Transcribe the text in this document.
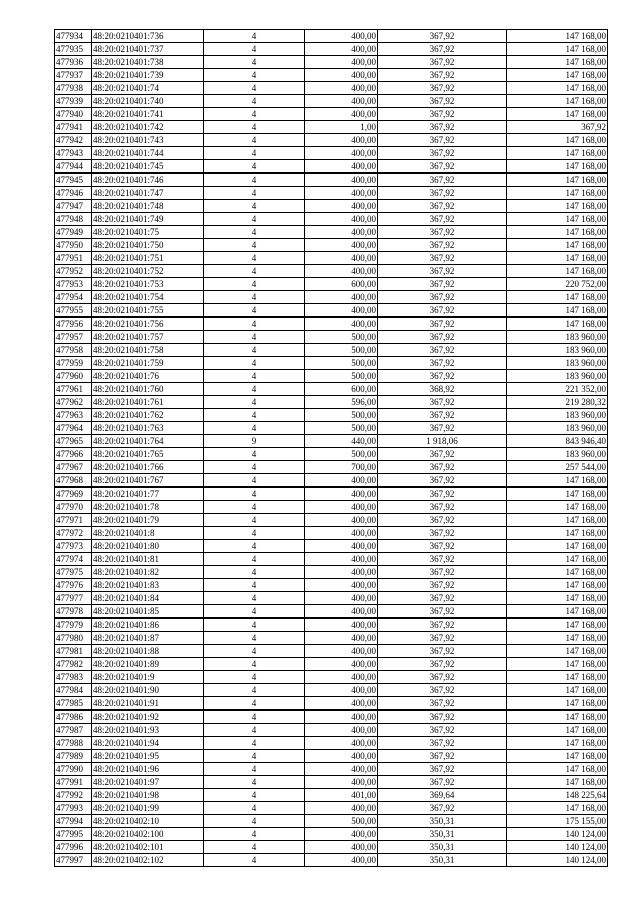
477934	48:20:0210401:736	4	400,00	367,92	147 168,00
477935	48:20:0210401:737	4	400,00	367,92	147 168,00
477936	48:20:0210401:738	4	400,00	367,92	147 168,00
477937	48:20:0210401:739	4	400,00	367,92	147 168,00
477938	48:20:0210401:74	4	400,00	367,92	147 168,00
477939	48:20:0210401:740	4	400,00	367,92	147 168,00
477940	48:20:0210401:741	4	400,00	367,92	147 168,00
477941	48:20:0210401:742	4	1,00	367,92	367,92
477942	48:20:0210401:743	4	400,00	367,92	147 168,00
477943	48:20:0210401:744	4	400,00	367,92	147 168,00
477944	48:20:0210401:745	4	400,00	367,92	147 168,00
477945	48:20:0210401:746	4	400,00	367,92	147 168,00
477946	48:20:0210401:747	4	400,00	367,92	147 168,00
477947	48:20:0210401:748	4	400,00	367,92	147 168,00
477948	48:20:0210401:749	4	400,00	367,92	147 168,00
477949	48:20:0210401:75	4	400,00	367,92	147 168,00
477950	48:20:0210401:750	4	400,00	367,92	147 168,00
477951	48:20:0210401:751	4	400,00	367,92	147 168,00
477952	48:20:0210401:752	4	400,00	367,92	147 168,00
477953	48:20:0210401:753	4	600,00	367,92	220 752,00
477954	48:20:0210401:754	4	400,00	367,92	147 168,00
477955	48:20:0210401:755	4	400,00	367,92	147 168,00
477956	48:20:0210401:756	4	400,00	367,92	147 168,00
477957	48:20:0210401:757	4	500,00	367,92	183 960,00
477958	48:20:0210401:758	4	500,00	367,92	183 960,00
477959	48:20:0210401:759	4	500,00	367,92	183 960,00
477960	48:20:0210401:76	4	500,00	367,92	183 960,00
477961	48:20:0210401:760	4	600,00	368,92	221 352,00
477962	48:20:0210401:761	4	596,00	367,92	219 280,32
477963	48:20:0210401:762	4	500,00	367,92	183 960,00
477964	48:20:0210401:763	4	500,00	367,92	183 960,00
477965	48:20:0210401:764	9	440,00	1 918,06	843 946,40
477966	48:20:0210401:765	4	500,00	367,92	183 960,00
477967	48:20:0210401:766	4	700,00	367,92	257 544,00
477968	48:20:0210401:767	4	400,00	367,92	147 168,00
477969	48:20:0210401:77	4	400,00	367,92	147 168,00
477970	48:20:0210401:78	4	400,00	367,92	147 168,00
477971	48:20:0210401:79	4	400,00	367,92	147 168,00
477972	48:20:0210401:8	4	400,00	367,92	147 168,00
477973	48:20:0210401:80	4	400,00	367,92	147 168,00
477974	48:20:0210401:81	4	400,00	367,92	147 168,00
477975	48:20:0210401:82	4	400,00	367,92	147 168,00
477976	48:20:0210401:83	4	400,00	367,92	147 168,00
477977	48:20:0210401:84	4	400,00	367,92	147 168,00
477978	48:20:0210401:85	4	400,00	367,92	147 168,00
477979	48:20:0210401:86	4	400,00	367,92	147 168,00
477980	48:20:0210401:87	4	400,00	367,92	147 168,00
477981	48:20:0210401:88	4	400,00	367,92	147 168,00
477982	48:20:0210401:89	4	400,00	367,92	147 168,00
477983	48:20:0210401:9	4	400,00	367,92	147 168,00
477984	48:20:0210401:90	4	400,00	367,92	147 168,00
477985	48:20:0210401:91	4	400,00	367,92	147 168,00
477986	48:20:0210401:92	4	400,00	367,92	147 168,00
477987	48:20:0210401:93	4	400,00	367,92	147 168,00
477988	48:20:0210401:94	4	400,00	367,92	147 168,00
477989	48:20:0210401:95	4	400,00	367,92	147 168,00
477990	48:20:0210401:96	4	400,00	367,92	147 168,00
477991	48:20:0210401:97	4	400,00	367,92	147 168,00
477992	48:20:0210401:98	4	401,00	369,64	148 225,64
477993	48:20:0210401:99	4	400,00	367,92	147 168,00
477994	48:20:0210402:10	4	500,00	350,31	175 155,00
477995	48:20:0210402:100	4	400,00	350,31	140 124,00
477996	48:20:0210402:101	4	400,00	350,31	140 124,00
477997	48:20:0210402:102	4	400,00	350,31	140 124,00
